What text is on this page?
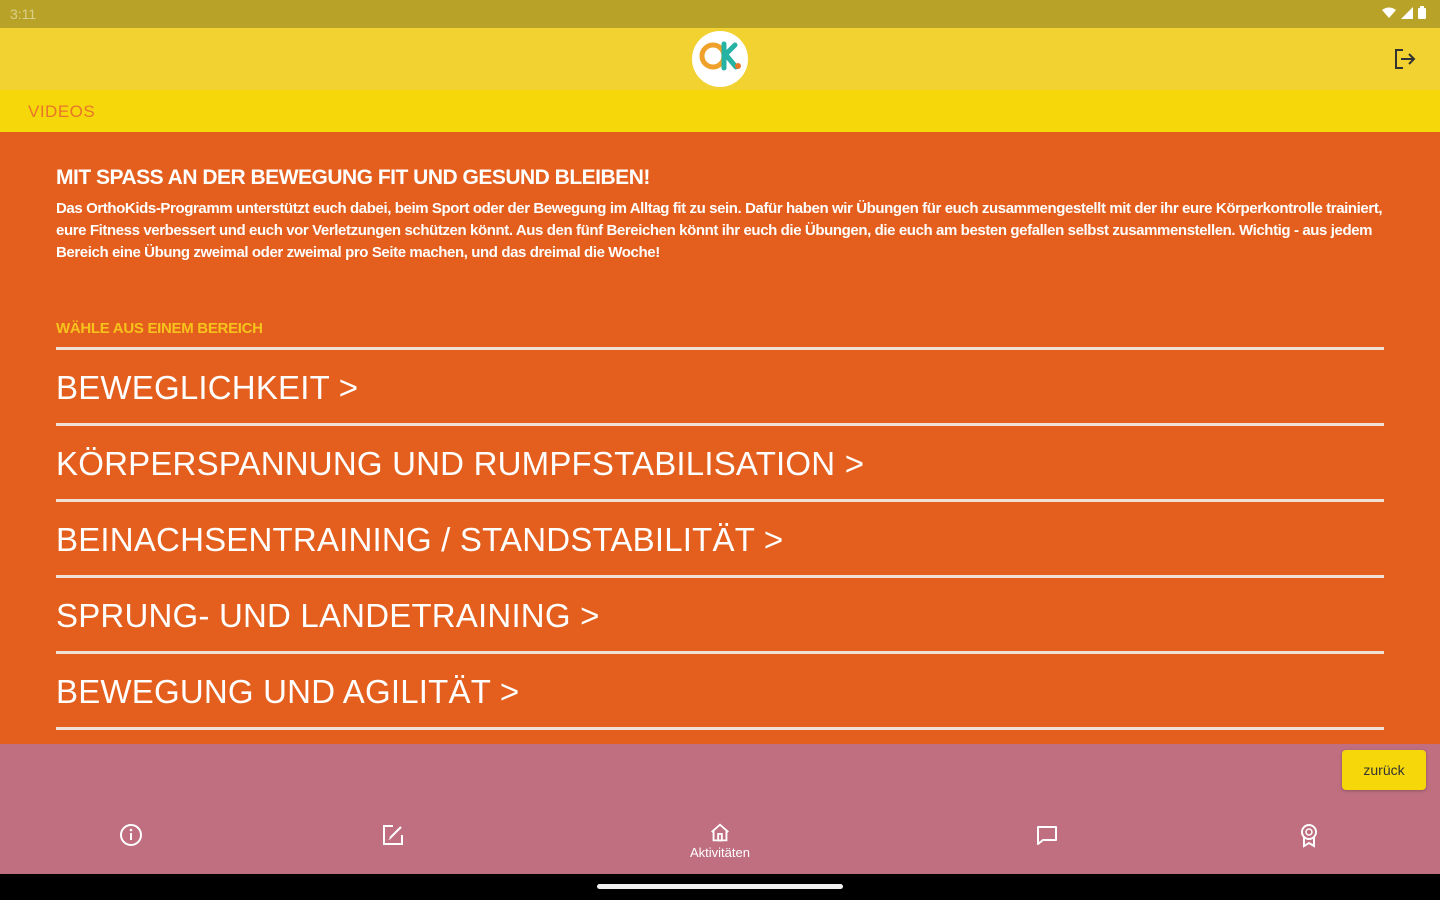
3:11
VIDEOS
MIT SPASS AN DER BEWEGUNG FIT UND GESUND BLEIBEN!
Das OrthoKids-Programm unterstützt euch dabei, beim Sport oder der Bewegung im Alltag fit zu sein. Dafür haben wir Übungen für euch zusammengestellt mit der ihr eure Körperkontrolle trainiert, eure Fitness verbessert und euch vor Verletzungen schützen könnt. Aus den fünf Bereichen könnt ihr euch die Übungen, die euch am besten gefallen selbst zusammenstellen. Wichtig - aus jedem Bereich eine Übung zweimal oder zweimal pro Seite machen, und das dreimal die Woche!
WÄHLE AUS EINEM BEREICH
BEWEGLICHKEIT >
KÖRPERSPANNUNG UND RUMPFSTABILISATION >
BEINACHSENTRAINING / STANDSTABILITÄT >
SPRUNG- UND LANDETRAINING >
BEWEGUNG UND AGILITÄT >
zurück
Aktivitäten
